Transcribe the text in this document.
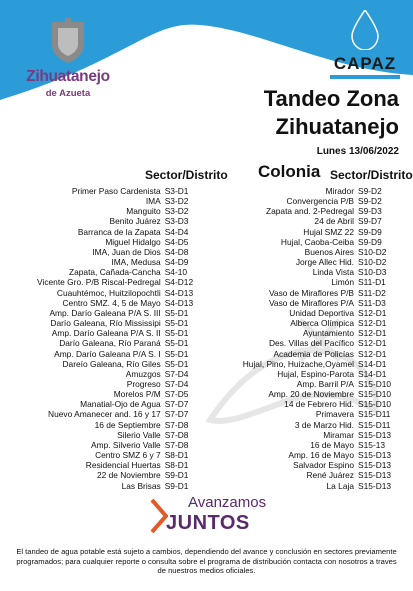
Zihuatanejo
de Azueta
CAPAZ
Tandeo Zona
Zihuatanejo
Lunes 13/06/2022
Sector/Distrito Colonia Sector/Distrito
Primer Paso Cardenista S3-D1
IMA S3-D2
Manguito S3-D2
Benito Juárez S3-D3
Barranca de la Zapata S4-D4
Miguel Hidalgo S4-D5
IMA, Juan de Dios S4-D8
IMA, Medusa S4-D9
Zapata, Cañada-Cancha S4-10
Vicente Gro. P/B Riscal-Pedregal S4-D12
Cuauhtémoc, Huitzilopochtli S4-D13
Centro SMZ. 4, 5 de Mayo S4-D13
Amp. Darío Galeana P/A S. III S5-D1
Darío Galeana, Río Mississipi S5-D1
Amp. Darío Galeana P/A S. II S5-D1
Darío Galeana, Río Paraná S5-D1
Amp. Darío Galeana P/A S. I S5-D1
Dareío Galeana, Río Giles S5-D1
Amuzgos S7-D4
Progreso S7-D4
Morelos P/M S7-D5
Manatial-Ojo de Agua S7-D7
Nuevo Amanecer and. 16 y 17 S7-D7
16 de Septiembre S7-D8
Silerio Valle S7-D8
Amp. Silverio Valle S7-D8
Centro SMZ 6 y 7 S8-D1
Residencial Huertas S8-D1
22 de Noviembre S9-D1
Las Brisas S9-D1
Mirador S9-D2
Convergencia P/B S9-D2
Zapata and. 2-Pedregal S9-D3
24 de Abril S9-D7
Hujal SMZ 22 S9-D9
Hujal, Caoba-Ceiba S9-D9
Buenos Aires S10-D2
Jorge Allec Hid. S10-D2
Linda Vista S10-D3
Limón S11-D1
Vaso de Miraflores P/B S11-D2
Vaso de Miraflores P/A S11-D3
Unidad Deportiva S12-D1
Alberca Olímpica S12-D1
Ayuntamiento S12-D1
Des. Villas del Pacífico S12-D1
Academia de Policías S12-D1
Hujal, Pino, Huizache,Oyamel S14-D1
Hujal, Espino-Parota S14-D1
Amp. Barril P/A S15-D10
Amp. 20 de Noviembre S15-D10
14 de Febrero Hid. S15-D10
Primavera S15-D11
3 de Marzo Hid. S15-D11
Miramar S15-D13
16 de Mayo S15-13
Amp. 16 de Mayo S15-D13
Salvador Espino S15-D13
René Juárez S15-D13
La Laja S15-D13
Avanzamos
JUNTOS
El tandeo de agua potable está sujeto a cambios, dependiendo del avance y conclusión en sectores previamente programados; para cualquier reporte o consulta sobre el programa de distribución contacta con nosotros a traves de nuestros medios oficiales.
